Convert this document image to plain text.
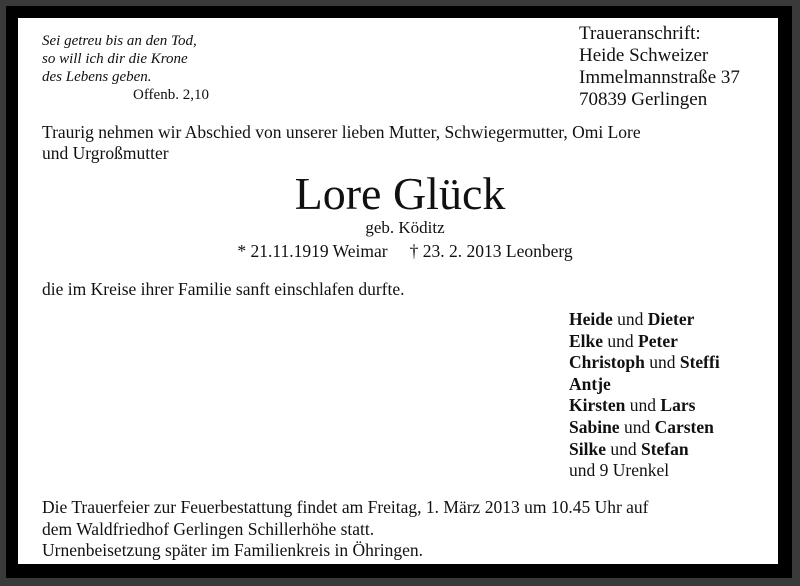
Sei getreu bis an den Tod,
so will ich dir die Krone
des Lebens geben.
Offenb. 2,10
Traueranschrift:
Heide Schweizer
Immelmannstraße 37
70839 Gerlingen
Traurig nehmen wir Abschied von unserer lieben Mutter, Schwiegermutter, Omi Lore
und Urgroßmutter
Lore Glück
geb. Köditz
* 21.11.1919 Weimar † 23. 2. 2013 Leonberg
die im Kreise ihrer Familie sanft einschlafen durfte.
Heide und Dieter
Elke und Peter
Christoph und Steffi
Antje
Kirsten und Lars
Sabine und Carsten
Silke und Stefan
und 9 Urenkel
Die Trauerfeier zur Feuerbestattung findet am Freitag, 1. März 2013 um 10.45 Uhr auf
dem Waldfriedhof Gerlingen Schillerhöhe statt.
Urnenbeisetzung später im Familienkreis in Öhringen.
